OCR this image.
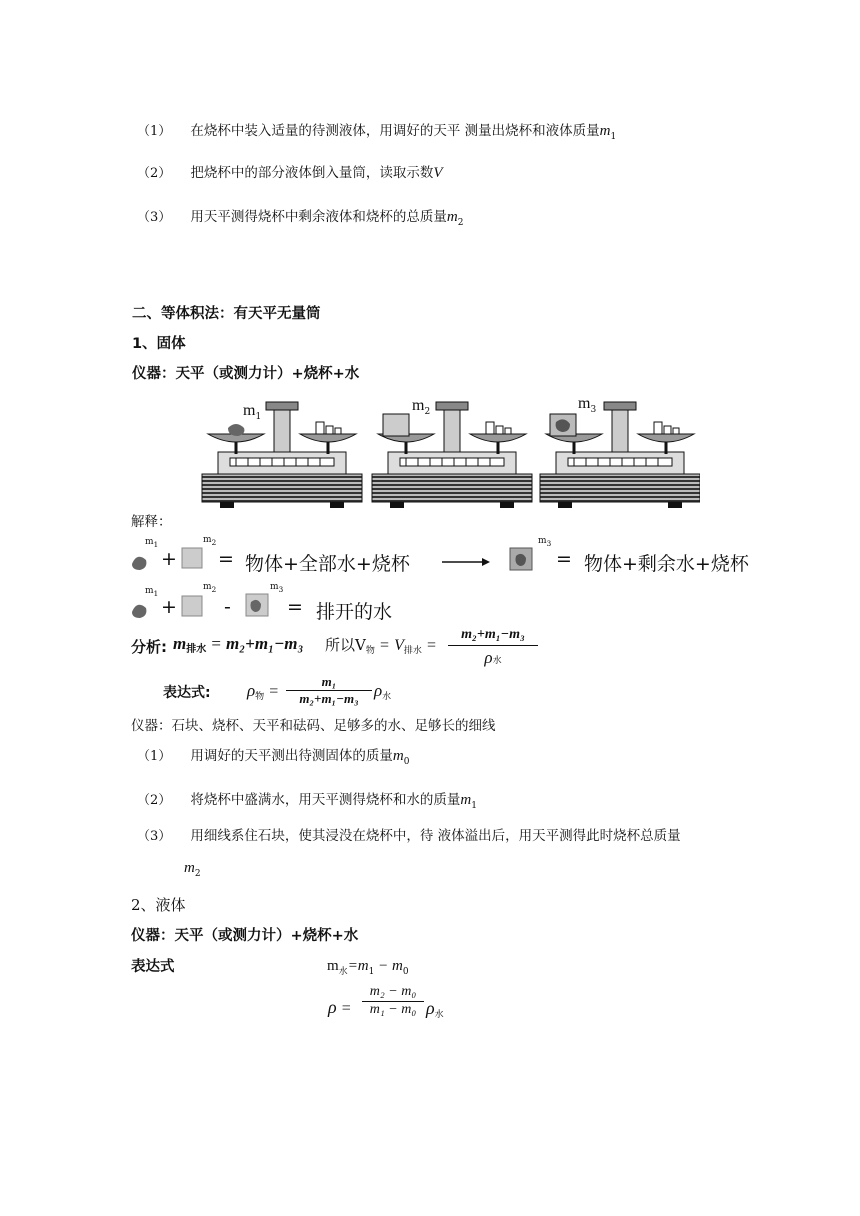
（1） 在烧杯中装入适量的待测液体，用调好的天平 测量出烧杯和液体质量$m_1$
（2） 把烧杯中的部分液体倒入量筒，读取示数V
（3） 用天平测得烧杯中剩余液体和烧杯的总质量$m_2$
二、等体积法：有天平无量筒
1、固体
仪器：天平（或测力计）+烧杯+水
$m_1$
$m_2$	$m_3$
解释：
$m_1$
+
$m_2$
= 物体+全部水+烧杯
$m_3$
= 物体+剩余水+烧杯
$m_1$
+
$m_2$
-
$m_3$
= 排开的水
分析: m排水 = m₂+m₁−m₃ 所以V物 = V排水 =
m₂+m₁−m₃
ρ水
表达式: ρ物 =
m₁
m₂+m₁−m₃ ρ水
仪器：石块、烧杯、天平和砝码、足够多的水、足够长的细线
（1） 用调好的天平测出待测固体的质量$m_0$
（2） 将烧杯中盛满水，用天平测得烧杯和水的质量$m_1$
（3） 用细线系住石块，使其浸没在烧杯中，待 液体溢出后，用天平测得此时烧杯总质量
$m_2$
2、液体
仪器：天平（或测力计）+烧杯+水
表达式	$m_水=m_1 - m_0$
ρ =
m₂ − m₀
m₁ − m₀ ρ水
